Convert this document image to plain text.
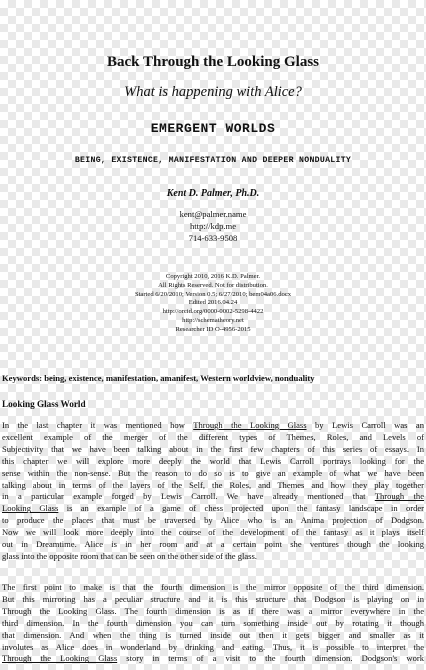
Back Through the Looking Glass

What is happening with Alice?

EMERGENT WORLDS

BEING, EXISTENCE, MANIFESTATION AND DEEPER NONDUALITY

Kent D. Palmer, Ph.D.

kent@palmer.name
http://kdp.me
714-633-9508
Copyright 2010, 2016 K.D. Palmer.
All Rights Reserved. Not for distribution.
Started 6/20/2010; Version 0.5; 6/27/2010; bem04a06.docx
Edited 2016.04.24
http://orcid.org/0000-0002-5298-4422
http://schematheory.net
Researcher ID O-4956-2015

Keywords: being, existence, manifestation, amanifest, Western worldview, nonduality

Looking Glass World

In the last chapter it was mentioned how Through the Looking Glass by Lewis Carroll was an
excellent example of the merger of the different types of Themes, Roles, and Levels of
Subjectivity that we have been talking about in the first few chapters of this series of essays. In
this chapter we will explore more deeply the world that Lewis Carroll portrays looking for the
sense within the non-sense. But the reason to do so is to give an example of what we have been
talking about in terms of the layers of the Self, the Roles, and Themes and how they play together
in a particular example forged by Lewis Carroll. We have already mentioned that Through the
Looking Glass is an example of a game of chess projected upon the fantasy landscape in order
to produce the places that must be traversed by Alice who is an Anima projection of Dodgson.
Now we will look more deeply into the course of the development of the fantasy as it plays itself
out in Dreamtime. Alice is in her room and at a certain point she ventures though the looking
glass into the opposite room that can be seen on the other side of the glass.
The first point to make is that the fourth dimension is the mirror opposite of the third dimension.
But this mirroring has a peculiar structure and it is this structure that Dodgson is playing on in
Through the Looking Glass. The fourth dimension is as if there was a mirror everywhere in the
third dimension. In the fourth dimension you can turn something inside out by rotating it though
that dimension. And when the thing is turned inside out then it gets bigger and smaller as it
involutes as Alice does in wonderland by drinking and eating. Thus, it is possible to interpret the
Through the Looking Glass story in terms of a visit to the fourth dimension. Dodgson's work
